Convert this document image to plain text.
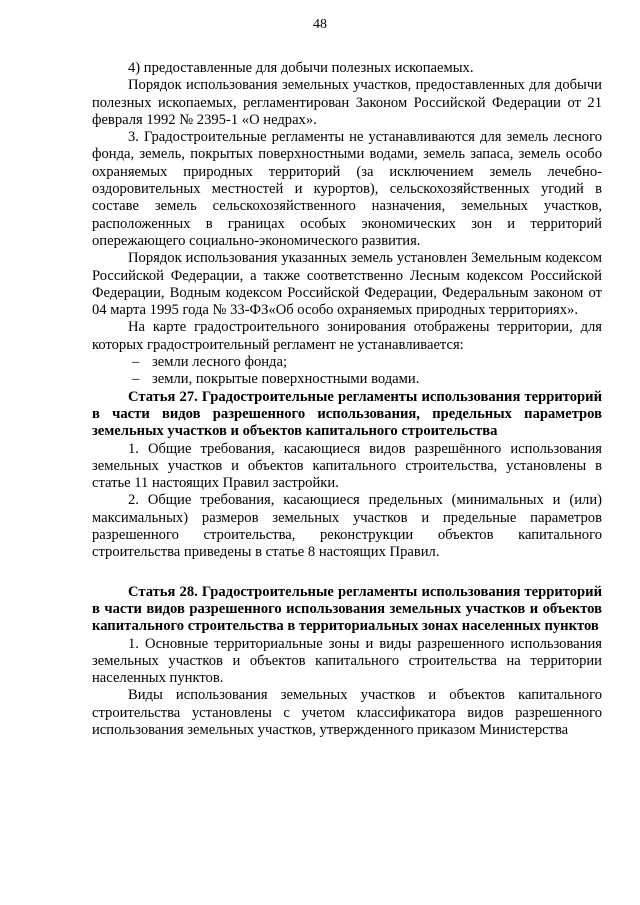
48

4) предоставленные для добычи полезных ископаемых.

Порядок использования земельных участков, предоставленных для добычи полезных ископаемых, регламентирован Законом Российской Федерации от 21 февраля 1992 № 2395-1 «О недрах».

3. Градостроительные регламенты не устанавливаются для земель лесного фонда, земель, покрытых поверхностными водами, земель запаса, земель особо охраняемых природных территорий (за исключением земель лечебно-оздоровительных местностей и курортов), сельскохозяйственных угодий в составе земель сельскохозяйственного назначения, земельных участков, расположенных в границах особых экономических зон и территорий опережающего социально-экономического развития.

Порядок использования указанных земель установлен Земельным кодексом Российской Федерации, а также соответственно Лесным кодексом Российской Федерации, Водным кодексом Российской Федерации, Федеральным законом от 04 марта 1995 года № 33-ФЗ«Об особо охраняемых природных территориях».

На карте градостроительного зонирования отображены территории, для которых градостроительный регламент не устанавливается:

– земли лесного фонда;
– земли, покрытые поверхностными водами.

Статья 27. Градостроительные регламенты использования территорий в части видов разрешенного использования, предельных параметров земельных участков и объектов капитального строительства

1. Общие требования, касающиеся видов разрешённого использования земельных участков и объектов капитального строительства, установлены в статье 11 настоящих Правил застройки.

2. Общие требования, касающиеся предельных (минимальных и (или) максимальных) размеров земельных участков и предельные параметров разрешенного строительства, реконструкции объектов капитального строительства приведены в статье 8 настоящих Правил.

Статья 28. Градостроительные регламенты использования территорий в части видов разрешенного использования земельных участков и объектов капитального строительства в территориальных зонах населенных пунктов

1. Основные территориальные зоны и виды разрешенного использования земельных участков и объектов капитального строительства на территории населенных пунктов.

Виды использования земельных участков и объектов капитального строительства установлены с учетом классификатора видов разрешенного использования земельных участков, утвержденного приказом Министерства
